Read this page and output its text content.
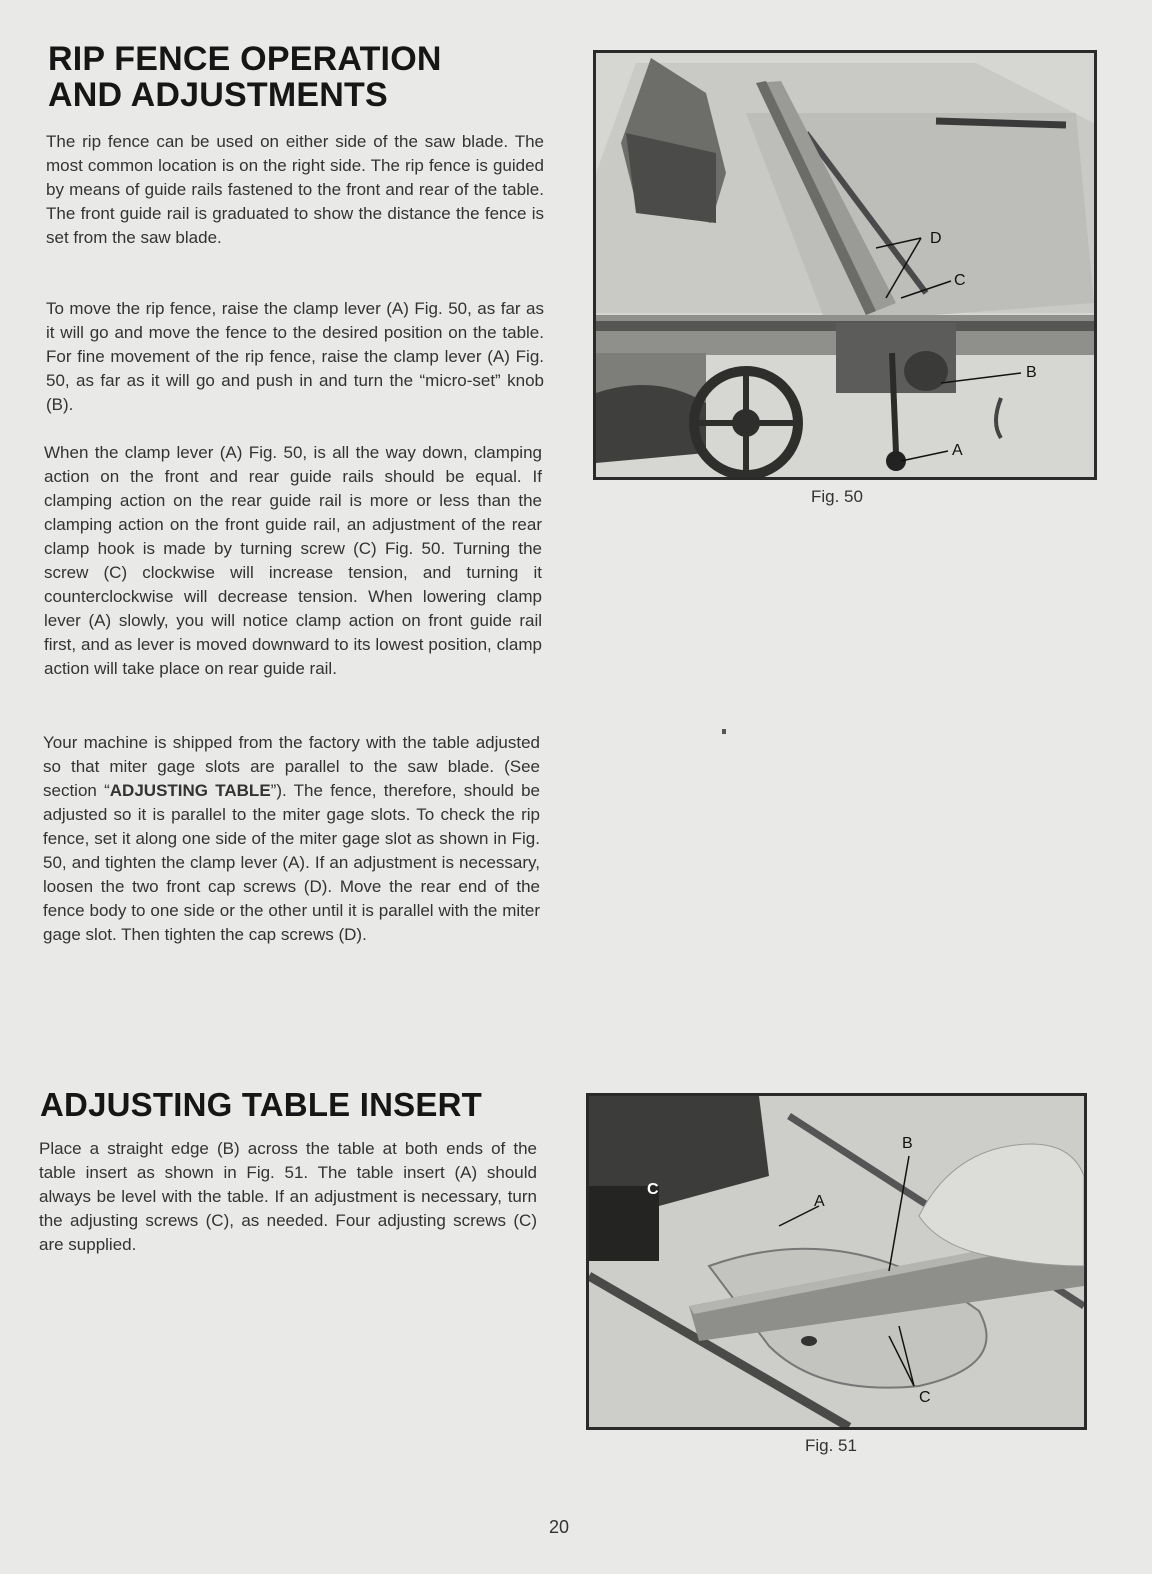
RIP FENCE OPERATION
AND ADJUSTMENTS

The rip fence can be used on either side of the saw blade. The most common location is on the right side. The rip fence is guided by means of guide rails fastened to the front and rear of the table. The front guide rail is graduated to show the distance the fence is set from the saw blade.

To move the rip fence, raise the clamp lever (A) Fig. 50, as far as it will go and move the fence to the desired position on the table. For fine movement of the rip fence, raise the clamp lever (A) Fig. 50, as far as it will go and push in and turn the “micro-set” knob (B).

When the clamp lever (A) Fig. 50, is all the way down, clamping action on the front and rear guide rails should be equal. If clamping action on the rear guide rail is more or less than the clamping action on the front guide rail, an adjustment of the rear clamp hook is made by turning screw (C) Fig. 50. Turning the screw (C) clockwise will increase tension, and turning it counterclockwise will decrease tension. When lowering clamp lever (A) slowly, you will notice clamp action on front guide rail first, and as lever is moved downward to its lowest position, clamp action will take place on rear guide rail.

Your machine is shipped from the factory with the table adjusted so that miter gage slots are parallel to the saw blade. (See section “ADJUSTING TABLE”). The fence, therefore, should be adjusted so it is parallel to the miter gage slots. To check the rip fence, set it along one side of the miter gage slot as shown in Fig. 50, and tighten the clamp lever (A). If an adjustment is necessary, loosen the two front cap screws (D). Move the rear end of the fence body to one side or the other until it is parallel with the miter gage slot. Then tighten the cap screws (D).

D
C
B
A
Fig. 50
ADJUSTING TABLE INSERT

Place a straight edge (B) across the table at both ends of the table insert as shown in Fig. 51. The table insert (A) should always be level with the table. If an adjustment is necessary, turn the adjusting screws (C), as needed. Four adjusting screws (C) are supplied.

A
B
C
C
Fig. 51
20
